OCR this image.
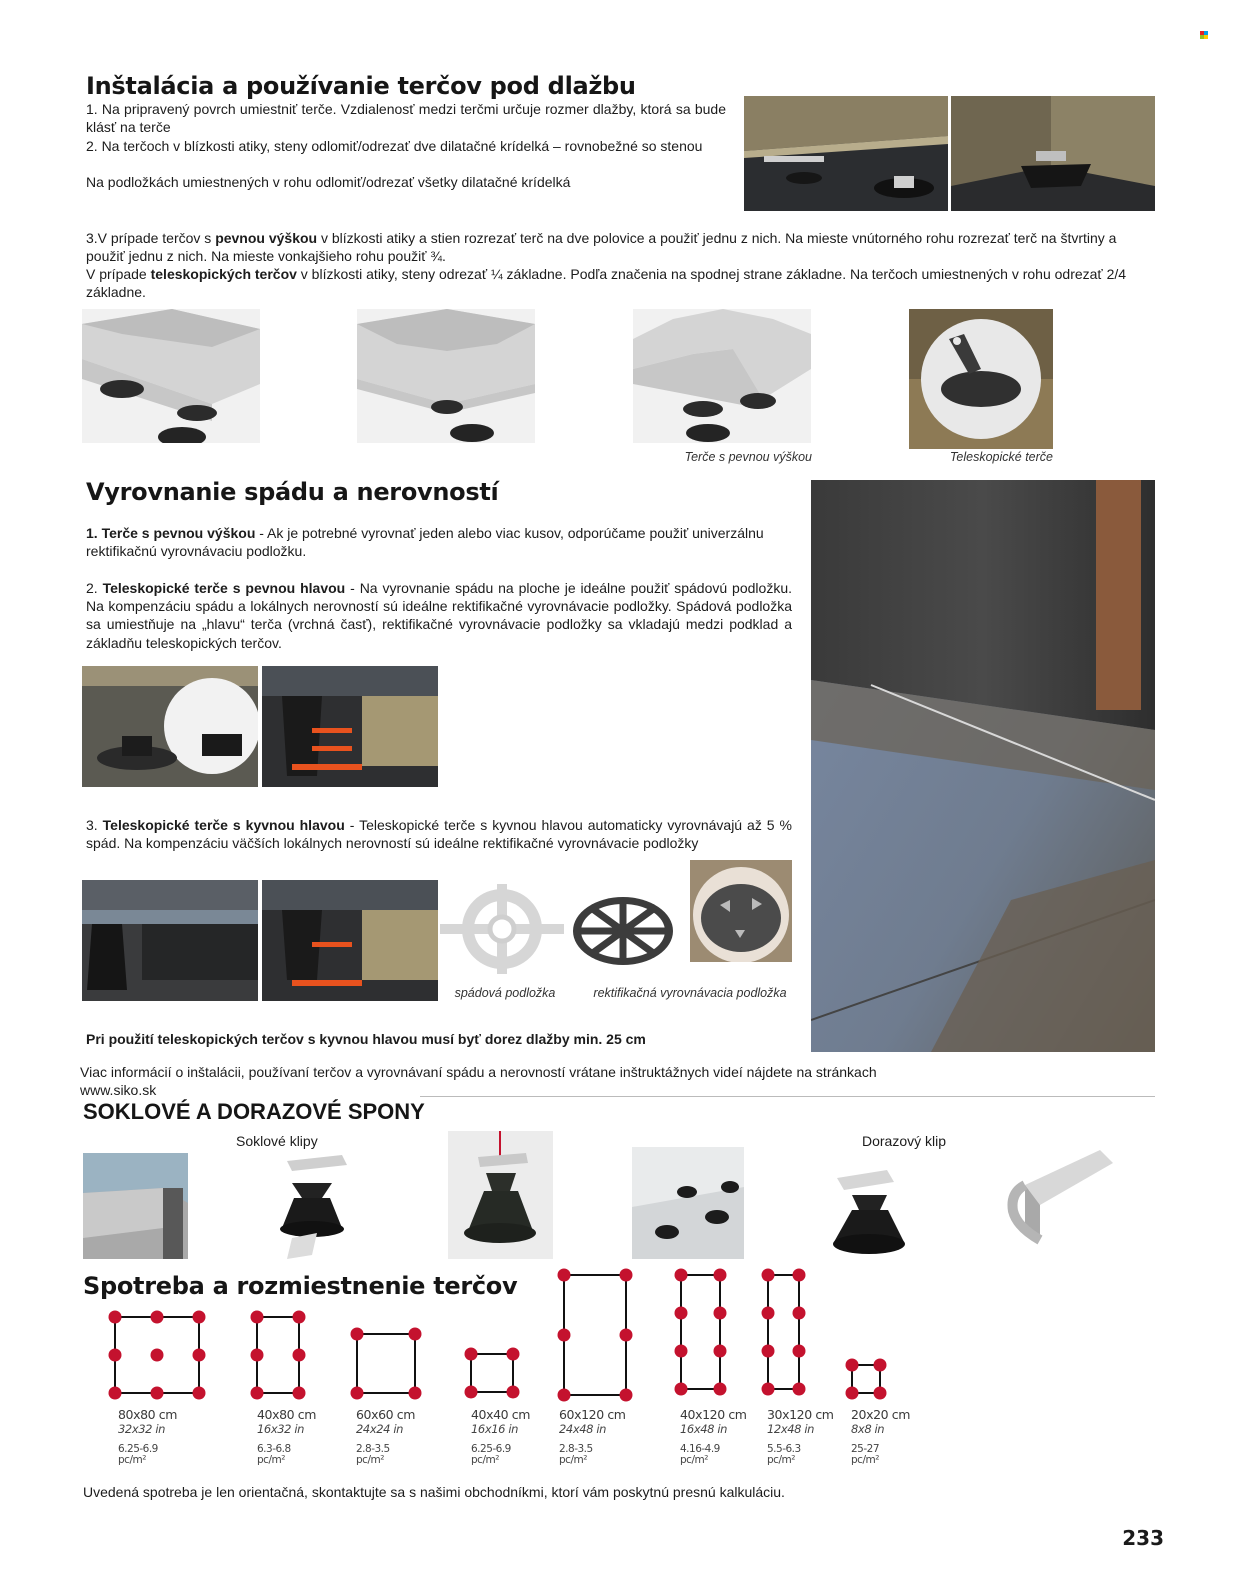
Inštalácia a používanie terčov pod dlažbu
1. Na pripravený povrch umiestniť terče. Vzdialenosť medzi terčmi určuje rozmer dlažby, ktorá sa bude klásť na terče
2. Na terčoch v blízkosti atiky, steny odlomiť/odrezať dve dilatačné krídelká – rovnobežné so stenou
Na podložkách umiestnených v rohu odlomiť/odrezať všetky dilatačné krídelká
3.V prípade terčov s pevnou výškou v blízkosti atiky a stien rozrezať terč na dve polovice a použiť jednu z nich. Na mieste vnútorného rohu rozrezať terč na štvrtiny a použiť jednu z nich. Na mieste vonkajšieho rohu použiť ¾.
V prípade teleskopických terčov v blízkosti atiky, steny odrezať ¼ základne. Podľa značenia na spodnej strane základne. Na terčoch umiestnených v rohu odrezať 2/4 základne.
Terče s pevnou výškou	Teleskopické terče
Vyrovnanie spádu a nerovností
1. Terče s pevnou výškou - Ak je potrebné vyrovnať jeden alebo viac kusov, odporúčame použiť univerzálnu rektifikačnú vyrovnávaciu podložku.
2. Teleskopické terče s pevnou hlavou - Na vyrovnanie spádu na ploche je ideálne použiť spádovú podložku. Na kompenzáciu spádu a lokálnych nerovností sú ideálne rektifikačné vyrovnávacie podložky. Spádová podložka sa umiestňuje na „hlavu“ terča (vrchná časť), rektifikačné vyrovnávacie podložky sa vkladajú medzi podklad a základňu teleskopických terčov.
3. Teleskopické terče s kyvnou hlavou - Teleskopické terče s kyvnou hlavou automaticky vyrovnávajú až 5 % spád. Na kompenzáciu väčších lokálnych nerovností sú ideálne rektifikačné vyrovnávacie podložky
spádová podložka	rektifikačná vyrovnávacia podložka
Pri použití teleskopických terčov s kyvnou hlavou musí byť dorez dlažby min. 25 cm
Viac informácií o inštalácii, používaní terčov a vyrovnávaní spádu a nerovností vrátane inštruktážnych videí nájdete na stránkach www.siko.sk
SOKLOVÉ A DORAZOVÉ SPONY
Soklové klipy	Dorazový klip
Spotreba a rozmiestnenie terčov
80x80 cm
32x32 in
6.25-6.9
pc/m²
40x80 cm
16x32 in
6.3-6.8
pc/m²
60x60 cm
24x24 in
2.8-3.5
pc/m²
40x40 cm
16x16 in
6.25-6.9
pc/m²
60x120 cm
24x48 in
2.8-3.5
pc/m²
40x120 cm
16x48 in
4.16-4.9
pc/m²
30x120 cm
12x48 in
5.5-6.3
pc/m²
20x20 cm
8x8 in
25-27
pc/m²
Uvedená spotreba je len orientačná, skontaktujte sa s našimi obchodníkmi, ktorí vám poskytnú presnú kalkuláciu.
233
